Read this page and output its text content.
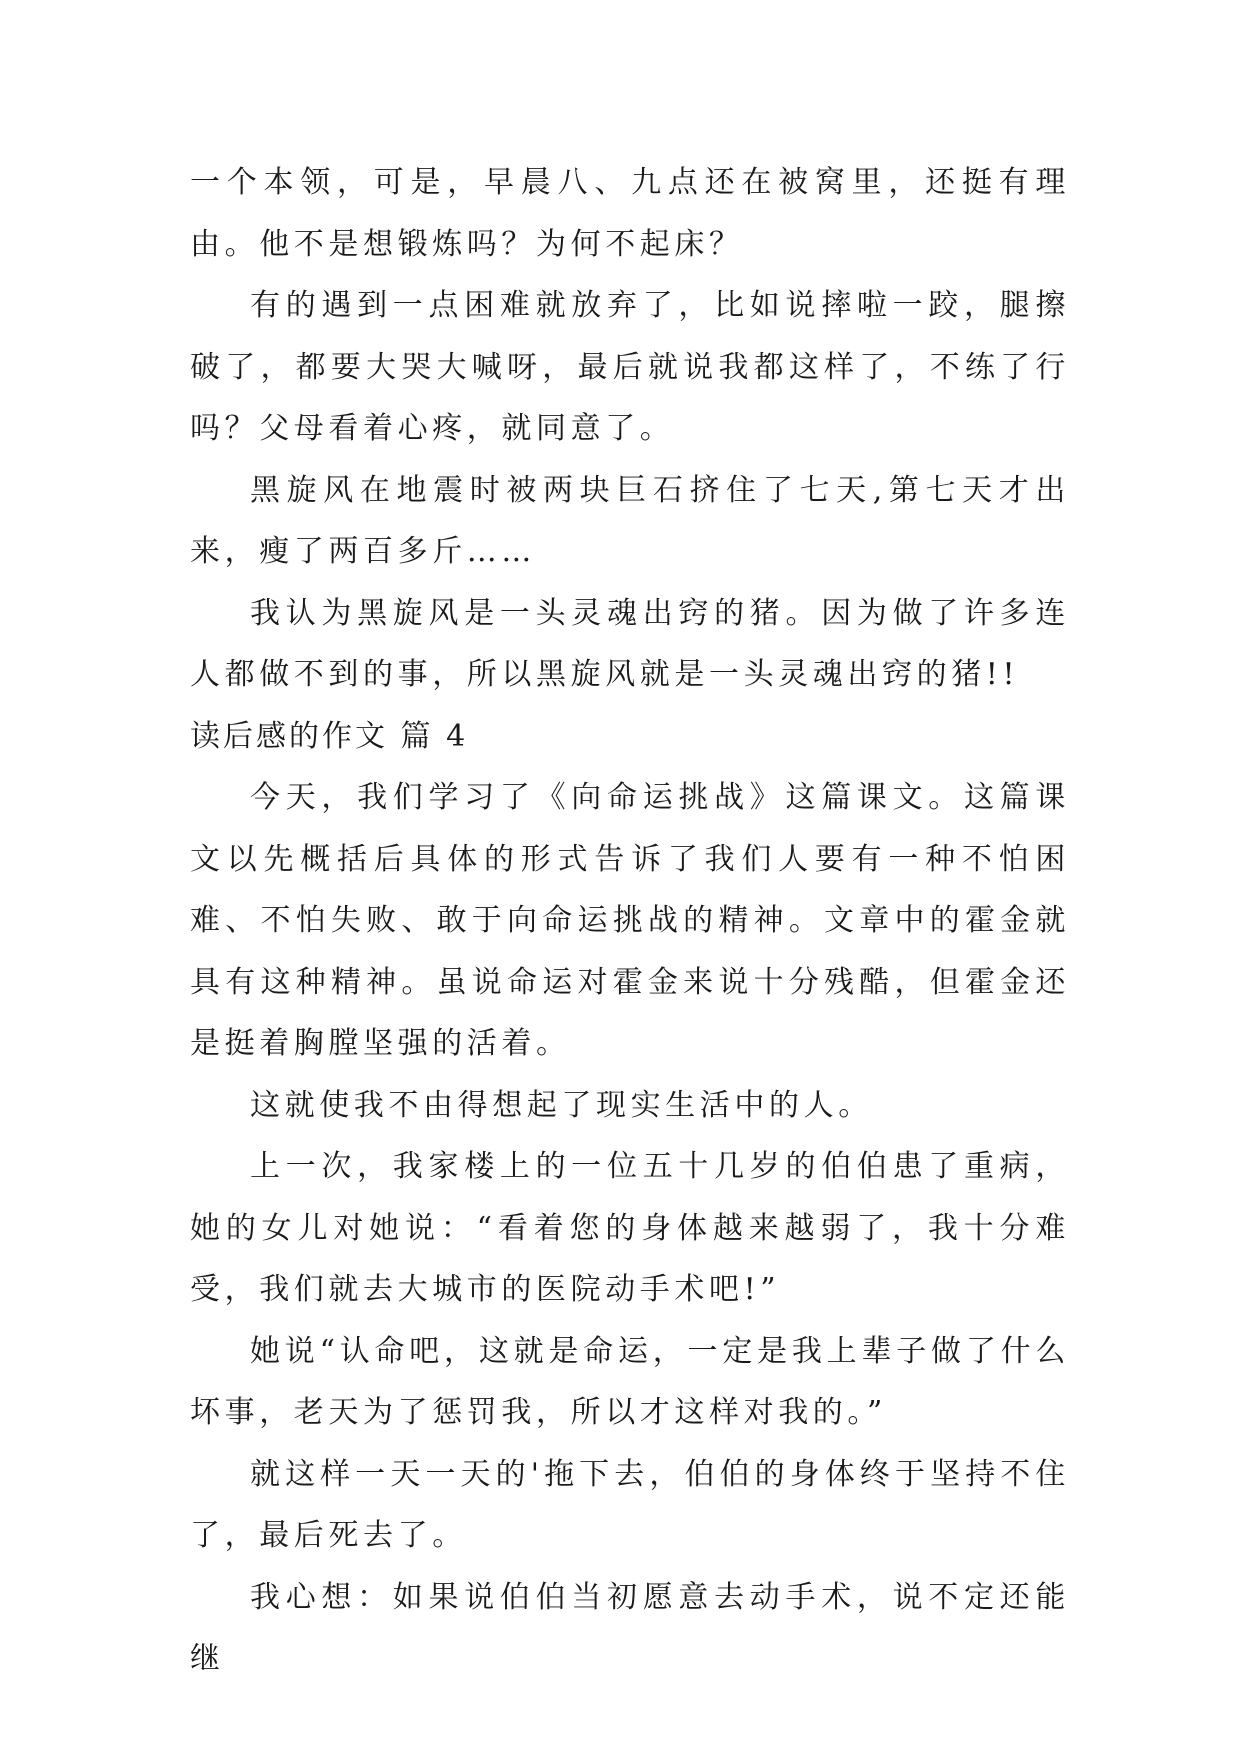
一个本领，可是，早晨八、九点还在被窝里，还挺有理由。他不是想锻炼吗？为何不起床？

有的遇到一点困难就放弃了，比如说摔啦一跤，腿擦破了，都要大哭大喊呀，最后就说我都这样了，不练了行吗？父母看着心疼，就同意了。

黑旋风在地震时被两块巨石挤住了七天,第七天才出来，瘦了两百多斤……

我认为黑旋风是一头灵魂出窍的猪。因为做了许多连人都做不到的事，所以黑旋风就是一头灵魂出窍的猪!!

读后感的作文 篇 4

今天，我们学习了《向命运挑战》这篇课文。这篇课文以先概括后具体的形式告诉了我们人要有一种不怕困难、不怕失败、敢于向命运挑战的精神。文章中的霍金就具有这种精神。虽说命运对霍金来说十分残酷，但霍金还是挺着胸膛坚强的活着。

这就使我不由得想起了现实生活中的人。

上一次，我家楼上的一位五十几岁的伯伯患了重病，她的女儿对她说：“看着您的身体越来越弱了，我十分难受，我们就去大城市的医院动手术吧!”

她说“认命吧，这就是命运，一定是我上辈子做了什么坏事，老天为了惩罚我，所以才这样对我的。”

就这样一天一天的'拖下去，伯伯的身体终于坚持不住了，最后死去了。

我心想：如果说伯伯当初愿意去动手术，说不定还能继
